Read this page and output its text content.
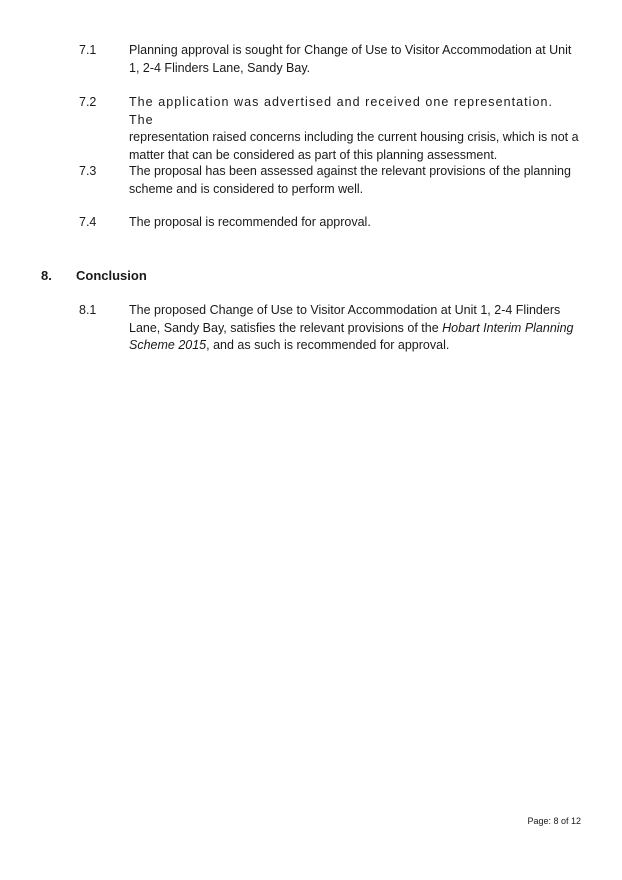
7.1	Planning approval is sought for Change of Use to Visitor Accommodation at Unit 1, 2-4 Flinders Lane, Sandy Bay.
7.2	The application was advertised and received one representation. The
representation raised concerns including the current housing crisis, which is not a matter that can be considered as part of this planning assessment.
7.3	The proposal has been assessed against the relevant provisions of the planning scheme and is considered to perform well.
7.4	The proposal is recommended for approval.
8. Conclusion
8.1	The proposed Change of Use to Visitor Accommodation at Unit 1, 2-4 Flinders Lane, Sandy Bay, satisfies the relevant provisions of the Hobart Interim Planning Scheme 2015, and as such is recommended for approval.
Page: 8 of 12
